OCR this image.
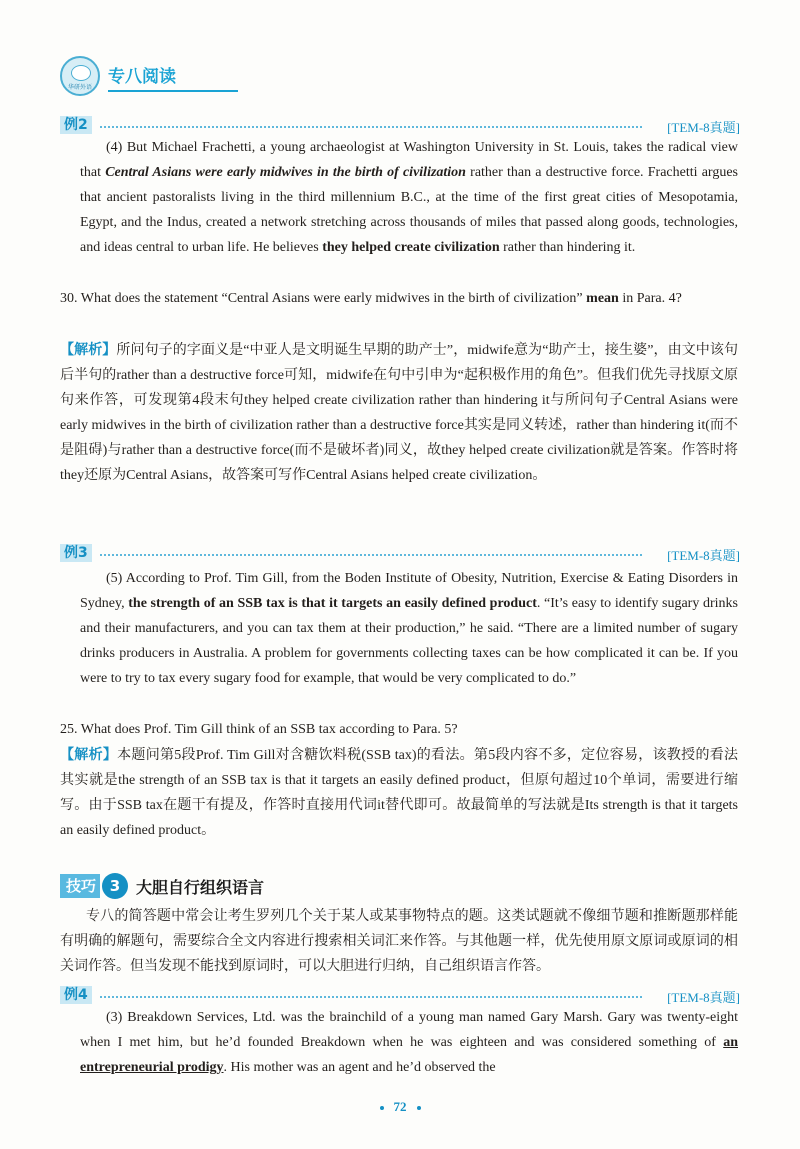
华研外语
专八阅读
例2	[TEM-8真题]

(4) But Michael Frachetti, a young archaeologist at Washington University in St. Louis, takes the radical view that Central Asians were early midwives in the birth of civilization rather than a destructive force. Frachetti argues that ancient pastoralists living in the third millennium B.C., at the time of the first great cities of Mesopotamia, Egypt, and the Indus, created a network stretching across thousands of miles that passed along goods, technologies, and ideas central to urban life. He believes they helped create civilization rather than hindering it.

30. What does the statement “Central Asians were early midwives in the birth of civilization” mean in Para. 4?

【解析】所问句子的字面义是“中亚人是文明诞生早期的助产士”，midwife意为“助产士，接生婆”，由文中该句后半句的rather than a destructive force可知，midwife在句中引申为“起积极作用的角色”。但我们优先寻找原文原句来作答，可发现第4段末句they helped create civilization rather than hindering it与所问句子Central Asians were early midwives in the birth of civilization rather than a destructive force其实是同义转述，rather than hindering it(而不是阻碍)与rather than a destructive force(而不是破坏者)同义，故they helped create civilization就是答案。作答时将they还原为Central Asians，故答案可写作Central Asians helped create civilization。

例3	[TEM-8真题]

(5) According to Prof. Tim Gill, from the Boden Institute of Obesity, Nutrition, Exercise & Eating Disorders in Sydney, the strength of an SSB tax is that it targets an easily defined product. “It’s easy to identify sugary drinks and their manufacturers, and you can tax them at their production,” he said. “There are a limited number of sugary drinks producers in Australia. A problem for governments collecting taxes can be how complicated it can be. If you were to try to tax every sugary food for example, that would be very complicated to do.”

25. What does Prof. Tim Gill think of an SSB tax according to Para. 5?

【解析】本题问第5段Prof. Tim Gill对含糖饮料税(SSB tax)的看法。第5段内容不多，定位容易，该教授的看法其实就是the strength of an SSB tax is that it targets an easily defined product，但原句超过10个单词，需要进行缩写。由于SSB tax在题干有提及，作答时直接用代词it替代即可。故最简单的写法就是Its strength is that it targets an easily defined product。

技巧 3 大胆自行组织语言

专八的简答题中常会让考生罗列几个关于某人或某事物特点的题。这类试题就不像细节题和推断题那样能有明确的解题句，需要综合全文内容进行搜索相关词汇来作答。与其他题一样，优先使用原文原词或原词的相关词作答。但当发现不能找到原词时，可以大胆进行归纳，自己组织语言作答。

例4	[TEM-8真题]

(3) Breakdown Services, Ltd. was the brainchild of a young man named Gary Marsh. Gary was twenty-eight when I met him, but he’d founded Breakdown when he was eighteen and was considered something of an entrepreneurial prodigy. His mother was an agent and he’d observed the

72
